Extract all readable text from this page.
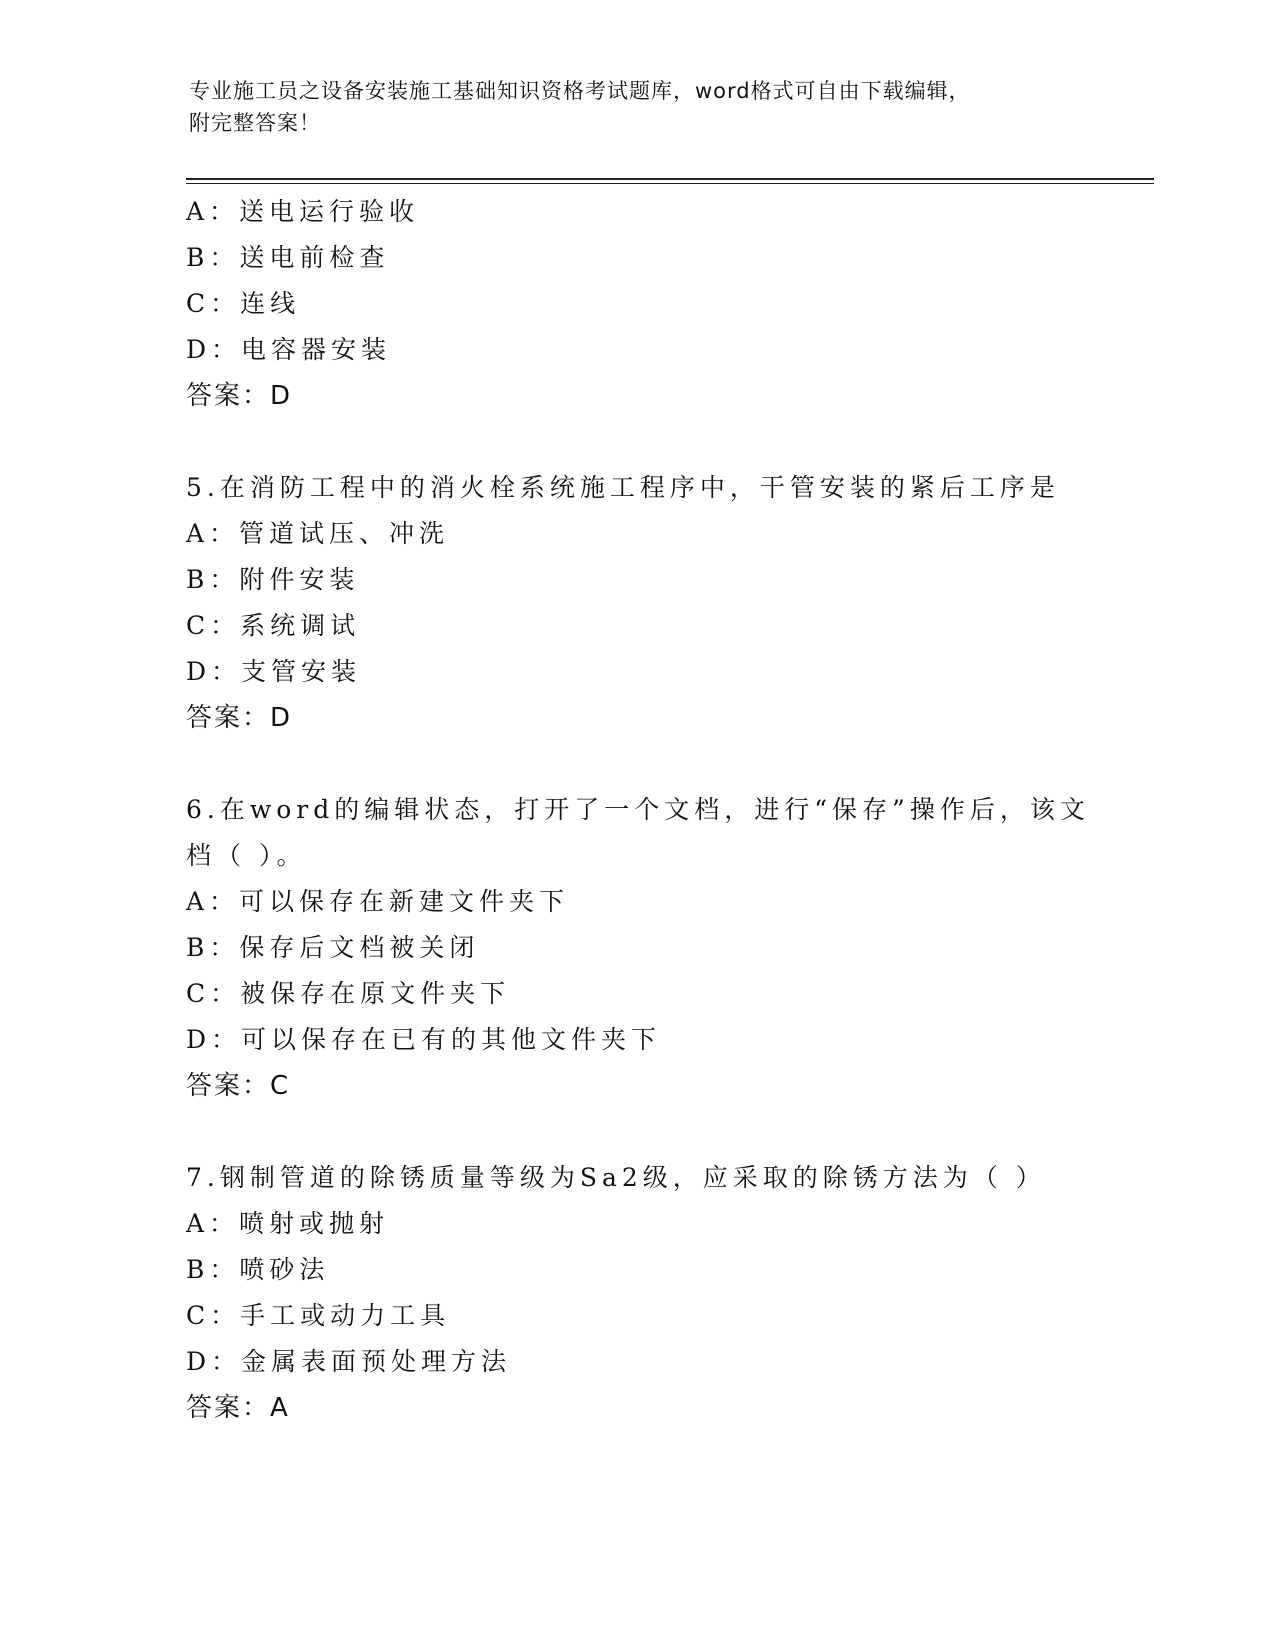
专业施工员之设备安装施工基础知识资格考试题库，word格式可自由下载编辑，
附完整答案！
A：送电运行验收
B：送电前检查
C：连线
D：电容器安装
答案：D
5.在消防工程中的消火栓系统施工程序中，干管安装的紧后工序是
A：管道试压、冲洗
B：附件安装
C：系统调试
D：支管安装
答案：D
6.在word的编辑状态，打开了一个文档，进行“保存”操作后，该文档（ ）。
A：可以保存在新建文件夹下
B：保存后文档被关闭
C：被保存在原文件夹下
D：可以保存在已有的其他文件夹下
答案：C
7.钢制管道的除锈质量等级为Sa2级，应采取的除锈方法为（ ）
A：喷射或抛射
B：喷砂法
C：手工或动力工具
D：金属表面预处理方法
答案：A
